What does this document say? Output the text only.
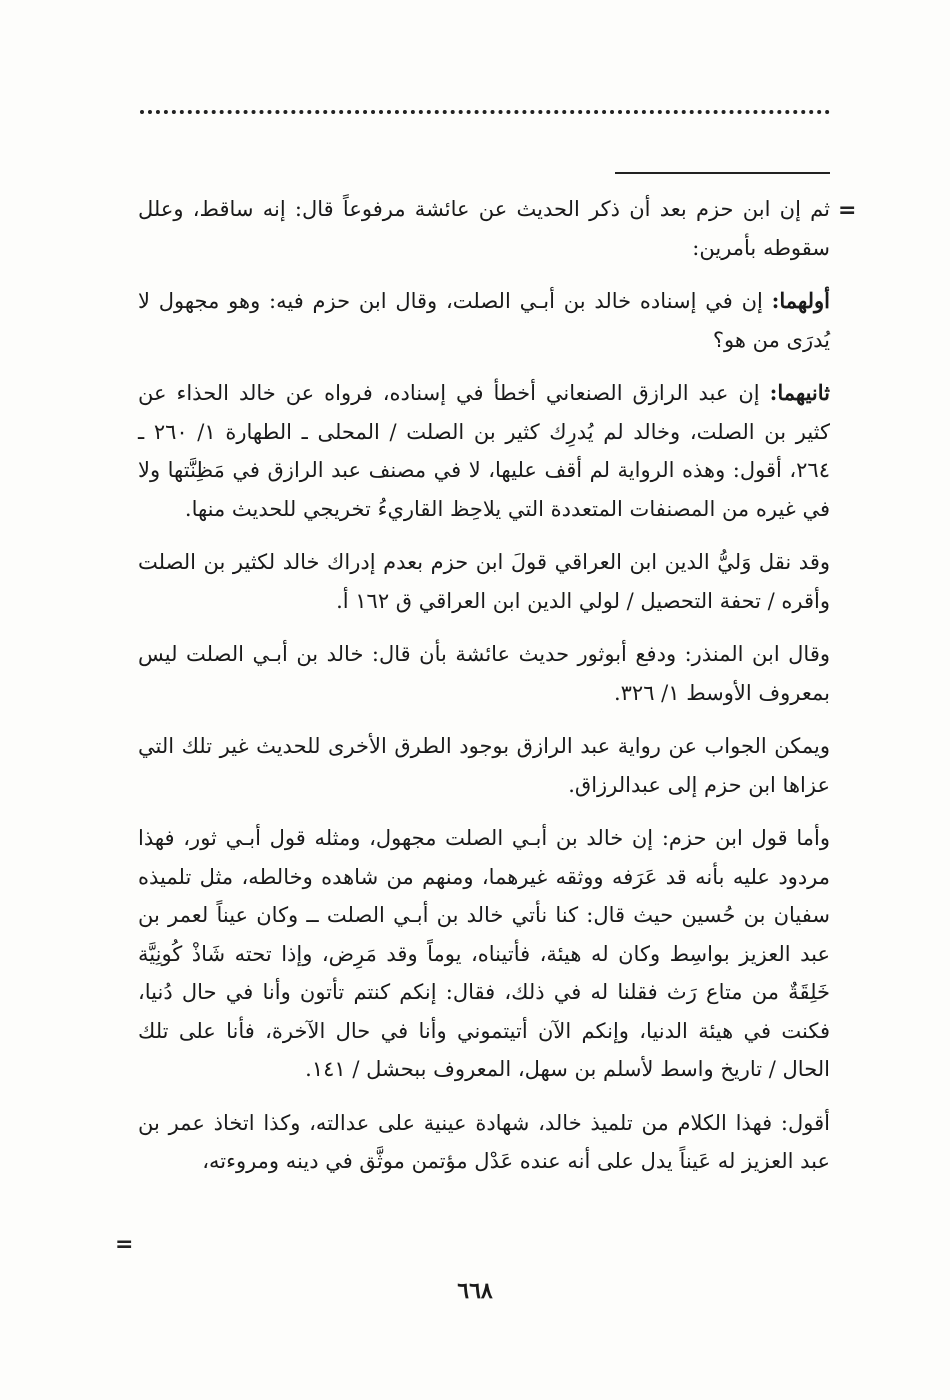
=

ثم إن ابن حزم بعد أن ذكر الحديث عن عائشة مرفوعاً قال: إنه ساقط، وعلل سقوطه بأمرين:

أولهما: إن في إسناده خالد بن أبـي الصلت، وقال ابن حزم فيه: وهو مجهول لا يُدرَى من هو؟

ثانيهما: إن عبد الرازق الصنعاني أخطأ في إسناده، فرواه عن خالد الحذاء عن كثير بن الصلت، وخالد لم يُدرِك كثير بن الصلت / المحلى ـ الطهارة ١/ ٢٦٠ ـ ٢٦٤، أقول: وهذه الرواية لم أقف عليها، لا في مصنف عبد الرازق في مَظِنَّتها ولا في غيره من المصنفات المتعددة التي يلاحِظ القاريءُ تخريجي للحديث منها.

وقد نقل وَليُّ الدين ابن العراقي قولَ ابن حزم بعدم إدراك خالد لكثير بن الصلت وأقره / تحفة التحصيل / لولي الدين ابن العراقي ق ١٦٢ أ.

وقال ابن المنذر: ودفع أبوثور حديث عائشة بأن قال: خالد بن أبـي الصلت ليس بمعروف الأوسط ١/ ٣٢٦.

ويمكن الجواب عن رواية عبد الرازق بوجود الطرق الأخرى للحديث غير تلك التي عزاها ابن حزم إلى عبدالرزاق.

وأما قول ابن حزم: إن خالد بن أبـي الصلت مجهول، ومثله قول أبـي ثور، فهذا مردود عليه بأنه قد عَرَفه ووثقه غيرهما، ومنهم من شاهده وخالطه، مثل تلميذه سفيان بن حُسين حيث قال: كنا نأتي خالد بن أبـي الصلت ــ وكان عيناً لعمر بن عبد العزيز بواسِط وكان له هيئة، فأتيناه، يوماً وقد مَرِض، وإذا تحته شَاذْ كُونِيَّة خَلِقَةٌ من متاع رَث فقلنا له في ذلك، فقال: إنكم كنتم تأتون وأنا في حال دُنيا، فكنت في هيئة الدنيا، وإنكم الآن أتيتموني وأنا في حال الآخرة، فأنا على تلك الحال / تاريخ واسط لأسلم بن سهل، المعروف ببحشل / ١٤١.

أقول: فهذا الكلام من تلميذ خالد، شهادة عينية على عدالته، وكذا اتخاذ عمر بن عبد العزيز له عَيناً يدل على أنه عنده عَدْل مؤتمن موثَّق في دينه ومروءته،

=
٦٦٨
